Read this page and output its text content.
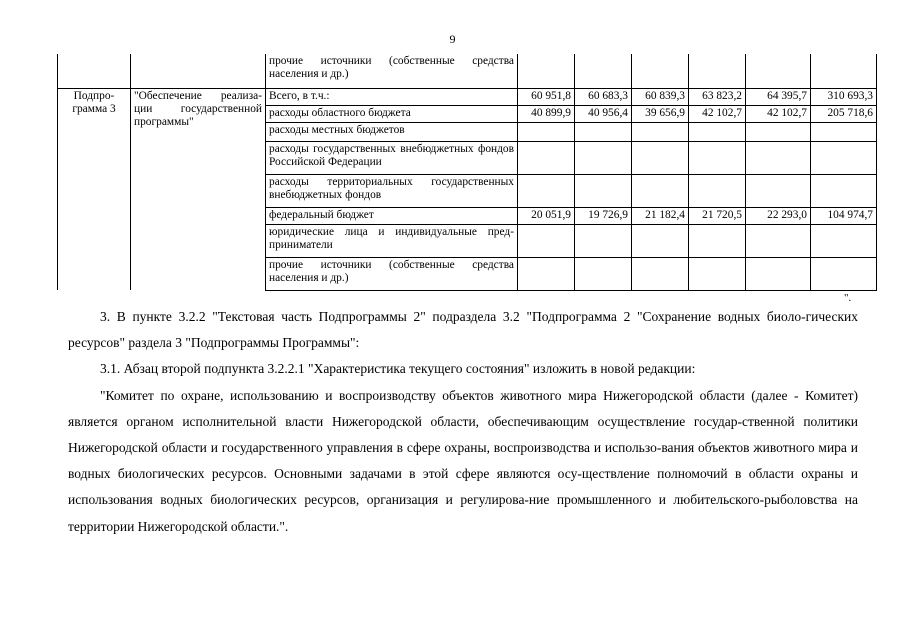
9
		прочие источники (собственные средства населения и др.)						
Подпро-грамма 3	"Обеспечение реализа-ции государственной программы"	Всего, в т.ч.:	60 951,8	60 683,3	60 839,3	63 823,2	64 395,7	310 693,3
		расходы областного бюджета	40 899,9	40 956,4	39 656,9	42 102,7	42 102,7	205 718,6
		расходы местных бюджетов						
		расходы государственных внебюджетных фондов Российской Федерации						
		расходы территориальных государственных внебюджетных фондов						
		федеральный бюджет	20 051,9	19 726,9	21 182,4	21 720,5	22 293,0	104 974,7
		юридические лица и индивидуальные пред-приниматели						
		прочие источники (собственные средства населения и др.)						
".

3. В пункте 3.2.2 "Текстовая часть Подпрограммы 2" подраздела 3.2 "Подпрограмма 2 "Сохранение водных биоло-гических ресурсов" раздела 3 "Подпрограммы Программы":

3.1. Абзац второй подпункта 3.2.2.1 "Характеристика текущего состояния" изложить в новой редакции:

"Комитет по охране, использованию и воспроизводству объектов животного мира Нижегородской области (далее - Комитет) является органом исполнительной власти Нижегородской области, обеспечивающим осуществление государ-ственной политики Нижегородской области и государственного управления в сфере охраны, воспроизводства и использо-вания объектов животного мира и водных биологических ресурсов. Основными задачами в этой сфере являются осу-ществление полномочий в области охраны и использования водных биологических ресурсов, организация и регулирова-ние промышленного и любительского-рыболовства на территории Нижегородской области.".
